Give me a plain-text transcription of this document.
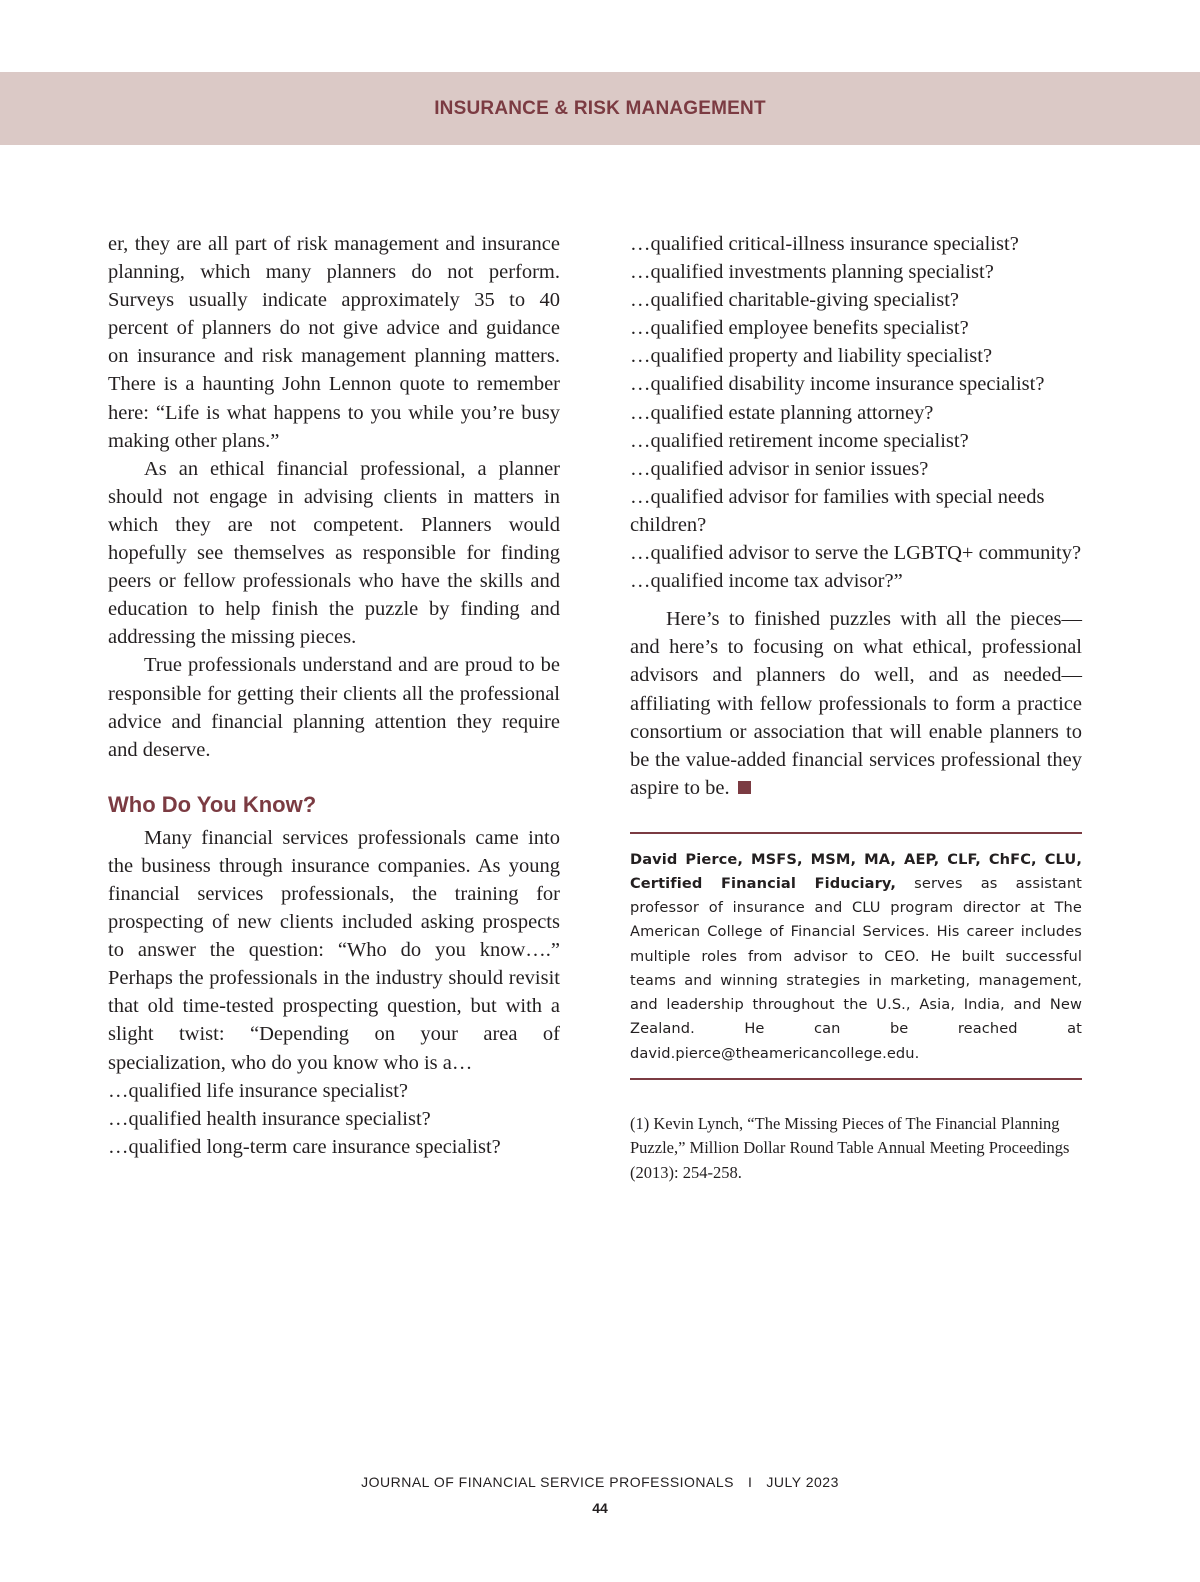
INSURANCE & RISK MANAGEMENT

er, they are all part of risk management and insurance planning, which many planners do not perform. Surveys usually indicate approximately 35 to 40 percent of planners do not give advice and guidance on insurance and risk management planning matters. There is a haunting John Lennon quote to remember here: “Life is what happens to you while you’re busy making other plans.”

As an ethical financial professional, a planner should not engage in advising clients in matters in which they are not competent. Planners would hopefully see themselves as responsible for finding peers or fellow professionals who have the skills and education to help finish the puzzle by finding and addressing the missing pieces.

True professionals understand and are proud to be responsible for getting their clients all the professional advice and financial planning attention they require and deserve.

Who Do You Know?

Many financial services professionals came into the business through insurance companies. As young financial services professionals, the training for prospecting of new clients included asking prospects to answer the question: “Who do you know….” Perhaps the professionals in the industry should revisit that old time-tested prospecting question, but with a slight twist: “Depending on your area of specialization, who do you know who is a…

…qualified life insurance specialist?
…qualified health insurance specialist?
…qualified long-term care insurance specialist?
…qualified critical-illness insurance specialist?
…qualified investments planning specialist?
…qualified charitable-giving specialist?
…qualified employee benefits specialist?
…qualified property and liability specialist?
…qualified disability income insurance specialist?
…qualified estate planning attorney?
…qualified retirement income specialist?
…qualified advisor in senior issues?
…qualified advisor for families with special needs children?
…qualified advisor to serve the LGBTQ+ community?
…qualified income tax advisor?”

Here’s to finished puzzles with all the pieces—and here’s to focusing on what ethical, professional advisors and planners do well, and as needed—affiliating with fellow professionals to form a practice consortium or association that will enable planners to be the value-added financial services professional they aspire to be.

David Pierce, MSFS, MSM, MA, AEP, CLF, ChFC, CLU, Certified Financial Fiduciary, serves as assistant professor of insurance and CLU program director at The American College of Financial Services. His career includes multiple roles from advisor to CEO. He built successful teams and winning strategies in marketing, management, and leadership throughout the U.S., Asia, India, and New Zealand. He can be reached at david.pierce@theamericancollege.edu.
(1) Kevin Lynch, “The Missing Pieces of The Financial Planning Puzzle,” Million Dollar Round Table Annual Meeting Proceedings (2013): 254-258.
JOURNAL OF FINANCIAL SERVICE PROFESSIONALS I JULY 2023
44
